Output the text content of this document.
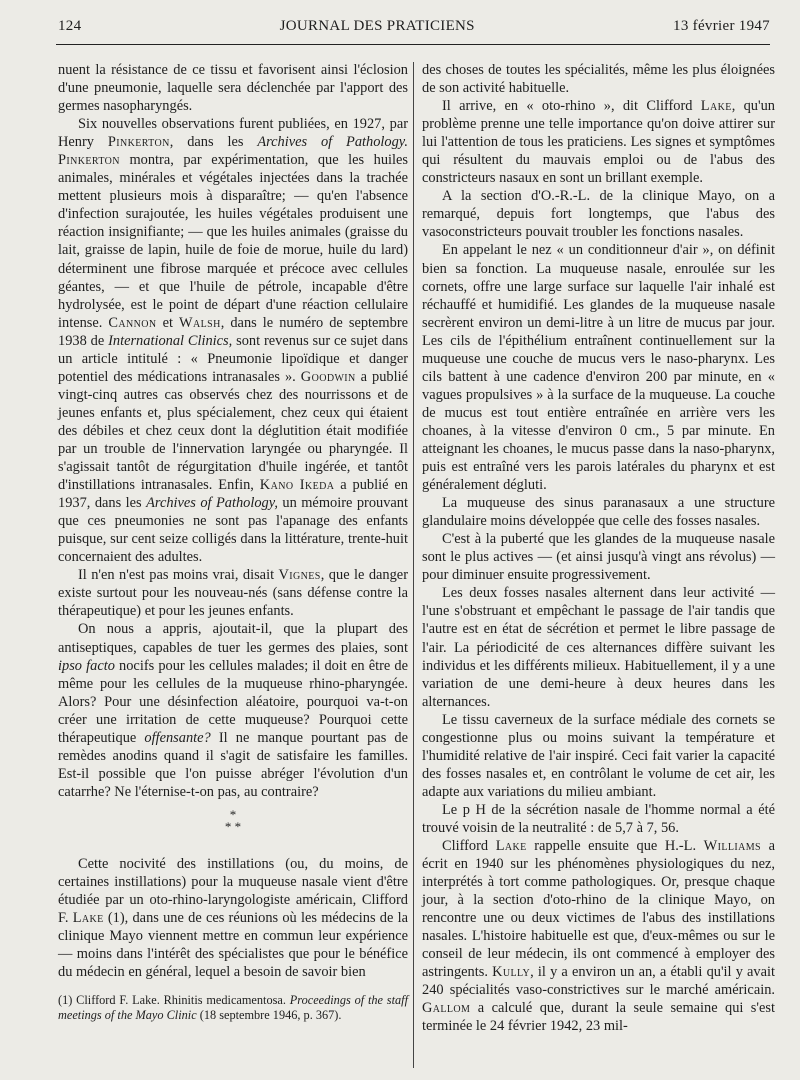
124	JOURNAL DES PRATICIENS	13 février 1947

nuent la résistance de ce tissu et favorisent ainsi l'éclosion d'une pneumonie, laquelle sera déclenchée par l'apport des germes nasopharyngés.

Six nouvelles observations furent publiées, en 1927, par Henry Pinkerton, dans les Archives of Pathology. Pinkerton montra, par expérimentation, que les huiles animales, minérales et végétales injectées dans la trachée mettent plusieurs mois à disparaître; — qu'en l'absence d'infection surajoutée, les huiles végétales produisent une réaction insignifiante; — que les huiles animales (graisse du lait, graisse de lapin, huile de foie de morue, huile du lard) déterminent une fibrose marquée et précoce avec cellules géantes, — et que l'huile de pétrole, incapable d'être hydrolysée, est le point de départ d'une réaction cellulaire intense. Cannon et Walsh, dans le numéro de septembre 1938 de International Clinics, sont revenus sur ce sujet dans un article intitulé : « Pneumonie lipoïdique et danger potentiel des médications intranasales ». Goodwin a publié vingt-cinq autres cas observés chez des nourrissons et de jeunes enfants et, plus spécialement, chez ceux qui étaient des débiles et chez ceux dont la déglutition était modifiée par un trouble de l'innervation laryngée ou pharyngée. Il s'agissait tantôt de régurgitation d'huile ingérée, et tantôt d'instillations intranasales. Enfin, Kano Ikeda a publié en 1937, dans les Archives of Pathology, un mémoire prouvant que ces pneumonies ne sont pas l'apanage des enfants puisque, sur cent seize colligés dans la littérature, trente-huit concernaient des adultes.

Il n'en n'est pas moins vrai, disait Vignes, que le danger existe surtout pour les nouveau-nés (sans défense contre la thérapeutique) et pour les jeunes enfants.

On nous a appris, ajoutait-il, que la plupart des antiseptiques, capables de tuer les germes des plaies, sont ipso facto nocifs pour les cellules malades; il doit en être de même pour les cellules de la muqueuse rhino-pharyngée. Alors? Pour une désinfection aléatoire, pourquoi va-t-on créer une irritation de cette muqueuse? Pourquoi cette thérapeutique offensante? Il ne manque pourtant pas de remèdes anodins quand il s'agit de satisfaire les familles. Est-il possible que l'on puisse abréger l'évolution d'un catarrhe? Ne l'éternise-t-on pas, au contraire?

*
* *

Cette nocivité des instillations (ou, du moins, de certaines instillations) pour la muqueuse nasale vient d'être étudiée par un oto-rhino-laryngologiste américain, Clifford F. Lake (1), dans une de ces réunions où les médecins de la clinique Mayo viennent mettre en commun leur expérience — moins dans l'intérêt des spécialistes que pour le bénéfice du médecin en général, lequel a besoin de savoir bien

(1) Clifford F. Lake. Rhinitis medicamentosa. Proceedings of the staff meetings of the Mayo Clinic (18 septembre 1946, p. 367).

des choses de toutes les spécialités, même les plus éloignées de son activité habituelle.

Il arrive, en « oto-rhino », dit Clifford Lake, qu'un problème prenne une telle importance qu'on doive attirer sur lui l'attention de tous les praticiens. Les signes et symptômes qui résultent du mauvais emploi ou de l'abus des constricteurs nasaux en sont un brillant exemple.

A la section d'O.-R.-L. de la clinique Mayo, on a remarqué, depuis fort longtemps, que l'abus des vasoconstricteurs pouvait troubler les fonctions nasales.

En appelant le nez « un conditionneur d'air », on définit bien sa fonction. La muqueuse nasale, enroulée sur les cornets, offre une large surface sur laquelle l'air inhalé est réchauffé et humidifié. Les glandes de la muqueuse nasale secrèrent environ un demi-litre à un litre de mucus par jour. Les cils de l'épithélium entraînent continuellement sur la muqueuse une couche de mucus vers le naso-pharynx. Les cils battent à une cadence d'environ 200 par minute, en « vagues propulsives » à la surface de la muqueuse. La couche de mucus est tout entière entraînée en arrière vers les choanes, à la vitesse d'environ 0 cm., 5 par minute. En atteignant les choanes, le mucus passe dans la naso-pharynx, puis est entraîné vers les parois latérales du pharynx et est généralement dégluti.

La muqueuse des sinus paranasaux a une structure glandulaire moins développée que celle des fosses nasales.

C'est à la puberté que les glandes de la muqueuse nasale sont le plus actives — (et ainsi jusqu'à vingt ans révolus) — pour diminuer ensuite progressivement.

Les deux fosses nasales alternent dans leur activité — l'une s'obstruant et empêchant le passage de l'air tandis que l'autre est en état de sécrétion et permet le libre passage de l'air. La périodicité de ces alternances diffère suivant les individus et les différents milieux. Habituellement, il y a une variation de une demi-heure à deux heures dans les alternances.

Le tissu caverneux de la surface médiale des cornets se congestionne plus ou moins suivant la température et l'humidité relative de l'air inspiré. Ceci fait varier la capacité des fosses nasales et, en contrôlant le volume de cet air, les adapte aux variations du milieu ambiant.

Le p H de la sécrétion nasale de l'homme normal a été trouvé voisin de la neutralité : de 5,7 à 7, 56.

Clifford Lake rappelle ensuite que H.-L. Williams a écrit en 1940 sur les phénomènes physiologiques du nez, interprétés à tort comme pathologiques. Or, presque chaque jour, à la section d'oto-rhino de la clinique Mayo, on rencontre une ou deux victimes de l'abus des instillations nasales. L'histoire habituelle est que, d'eux-mêmes ou sur le conseil de leur médecin, ils ont commencé à employer des astringents. Kully, il y a environ un an, a établi qu'il y avait 240 spécialités vaso-constrictives sur le marché américain. Gallom a calculé que, durant la seule semaine qui s'est terminée le 24 février 1942, 23 mil-
